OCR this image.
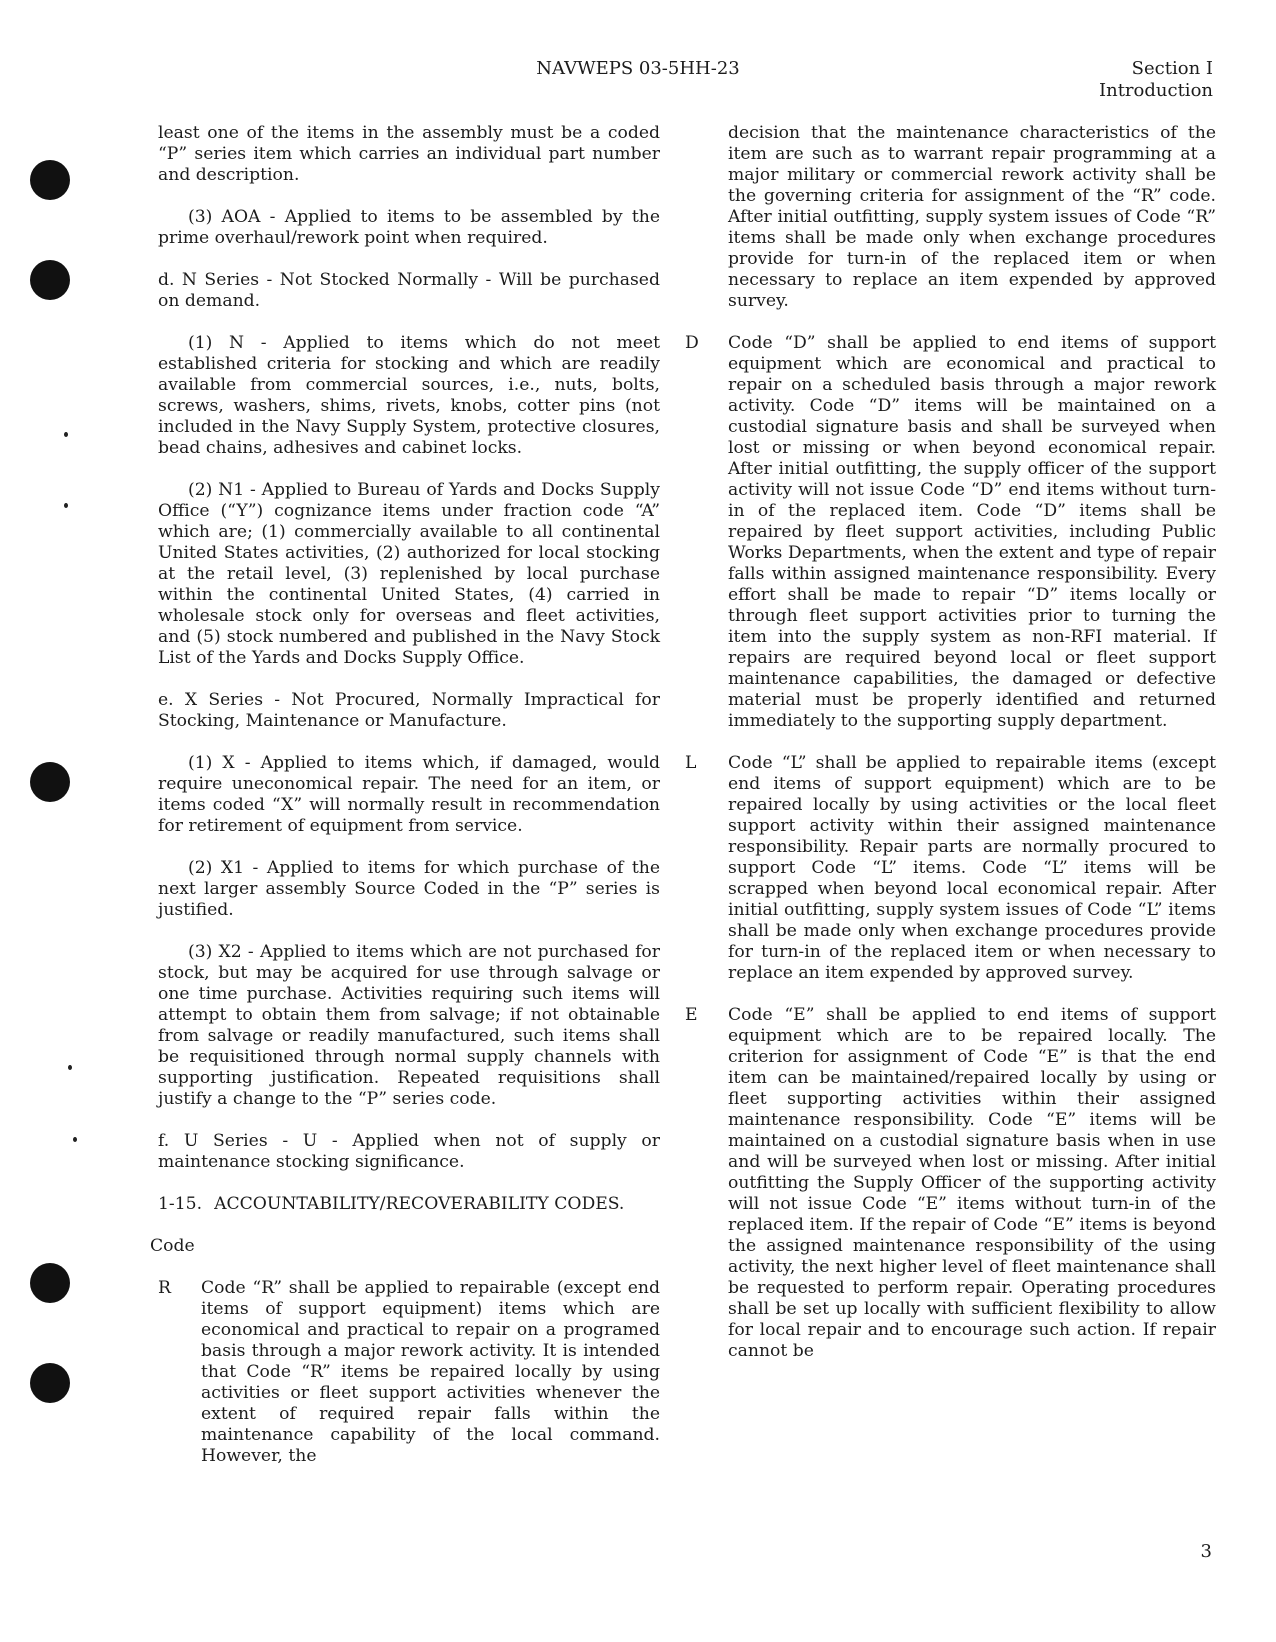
NAVWEPS 03-5HH-23	Section I
Introduction

least one of the items in the assembly must be a coded “P” series item which carries an individual part number and description.

(3) AOA - Applied to items to be assembled by the prime overhaul/rework point when required.

d. N Series - Not Stocked Normally - Will be purchased on demand.

(1) N - Applied to items which do not meet established criteria for stocking and which are readily available from commercial sources, i.e., nuts, bolts, screws, washers, shims, rivets, knobs, cotter pins (not included in the Navy Supply System, protective closures, bead chains, adhesives and cabinet locks.

(2) N1 - Applied to Bureau of Yards and Docks Supply Office (“Y”) cognizance items under fraction code “A” which are; (1) commercially available to all continental United States activities, (2) authorized for local stocking at the retail level, (3) replenished by local purchase within the continental United States, (4) carried in wholesale stock only for overseas and fleet activities, and (5) stock numbered and published in the Navy Stock List of the Yards and Docks Supply Office.

e. X Series - Not Procured, Normally Impractical for Stocking, Maintenance or Manufacture.

(1) X - Applied to items which, if damaged, would require uneconomical repair. The need for an item, or items coded “X” will normally result in recommendation for retirement of equipment from service.

(2) X1 - Applied to items for which purchase of the next larger assembly Source Coded in the “P” series is justified.

(3) X2 - Applied to items which are not purchased for stock, but may be acquired for use through salvage or one time purchase. Activities requiring such items will attempt to obtain them from salvage; if not obtainable from salvage or readily manufactured, such items shall be requisitioned through normal supply channels with supporting justification. Repeated requisitions shall justify a change to the “P” series code.

f. U Series - U - Applied when not of supply or maintenance stocking significance.

1-15. ACCOUNTABILITY/RECOVERABILITY CODES.

Code

R Code “R” shall be applied to repairable (except end items of support equipment) items which are economical and practical to repair on a programed basis through a major rework activity. It is intended that Code “R” items be repaired locally by using activities or fleet support activities whenever the extent of required repair falls within the maintenance capability of the local command. However, the

decision that the maintenance characteristics of the item are such as to warrant repair programming at a major military or commercial rework activity shall be the governing criteria for assignment of the “R” code. After initial outfitting, supply system issues of Code “R” items shall be made only when exchange procedures provide for turn-in of the replaced item or when necessary to replace an item expended by approved survey.

D Code “D” shall be applied to end items of support equipment which are economical and practical to repair on a scheduled basis through a major rework activity. Code “D” items will be maintained on a custodial signature basis and shall be surveyed when lost or missing or when beyond economical repair. After initial outfitting, the supply officer of the support activity will not issue Code “D” end items without turn-in of the replaced item. Code “D” items shall be repaired by fleet support activities, including Public Works Departments, when the extent and type of repair falls within assigned maintenance responsibility. Every effort shall be made to repair “D” items locally or through fleet support activities prior to turning the item into the supply system as non-RFI material. If repairs are required beyond local or fleet support maintenance capabilities, the damaged or defective material must be properly identified and returned immediately to the supporting supply department.

L Code “L” shall be applied to repairable items (except end items of support equipment) which are to be repaired locally by using activities or the local fleet support activity within their assigned maintenance responsibility. Repair parts are normally procured to support Code “L” items. Code “L” items will be scrapped when beyond local economical repair. After initial outfitting, supply system issues of Code “L” items shall be made only when exchange procedures provide for turn-in of the replaced item or when necessary to replace an item expended by approved survey.

E Code “E” shall be applied to end items of support equipment which are to be repaired locally. The criterion for assignment of Code “E” is that the end item can be maintained/repaired locally by using or fleet supporting activities within their assigned maintenance responsibility. Code “E” items will be maintained on a custodial signature basis when in use and will be surveyed when lost or missing. After initial outfitting the Supply Officer of the supporting activity will not issue Code “E” items without turn-in of the replaced item. If the repair of Code “E” items is beyond the assigned maintenance responsibility of the using activity, the next higher level of fleet maintenance shall be requested to perform repair. Operating procedures shall be set up locally with sufficient flexibility to allow for local repair and to encourage such action. If repair cannot be

3
